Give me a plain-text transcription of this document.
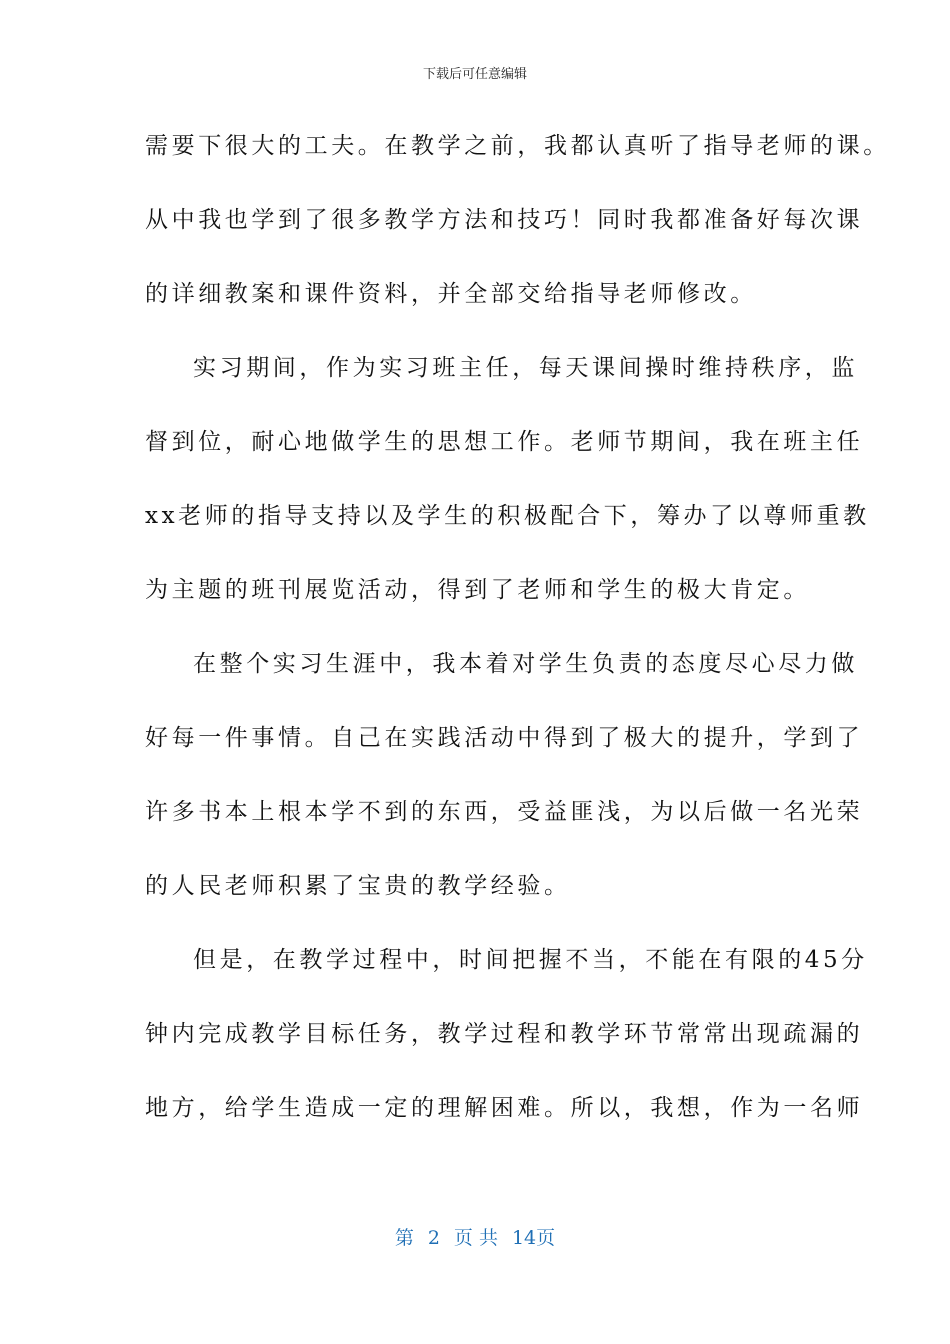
下载后可任意编辑
需要下很大的工夫。在教学之前，我都认真听了指导老师的课。
从中我也学到了很多教学方法和技巧！同时我都准备好每次课
的详细教案和课件资料，并全部交给指导老师修改。
实习期间，作为实习班主任，每天课间操时维持秩序，监
督到位，耐心地做学生的思想工作。老师节期间，我在班主任
xx老师的指导支持以及学生的积极配合下，筹办了以尊师重教
为主题的班刊展览活动，得到了老师和学生的极大肯定。
在整个实习生涯中，我本着对学生负责的态度尽心尽力做
好每一件事情。自己在实践活动中得到了极大的提升，学到了
许多书本上根本学不到的东西，受益匪浅，为以后做一名光荣
的人民老师积累了宝贵的教学经验。
但是，在教学过程中，时间把握不当，不能在有限的45分
钟内完成教学目标任务，教学过程和教学环节常常出现疏漏的
地方，给学生造成一定的理解困难。所以，我想，作为一名师
第 2 页 共 14页
